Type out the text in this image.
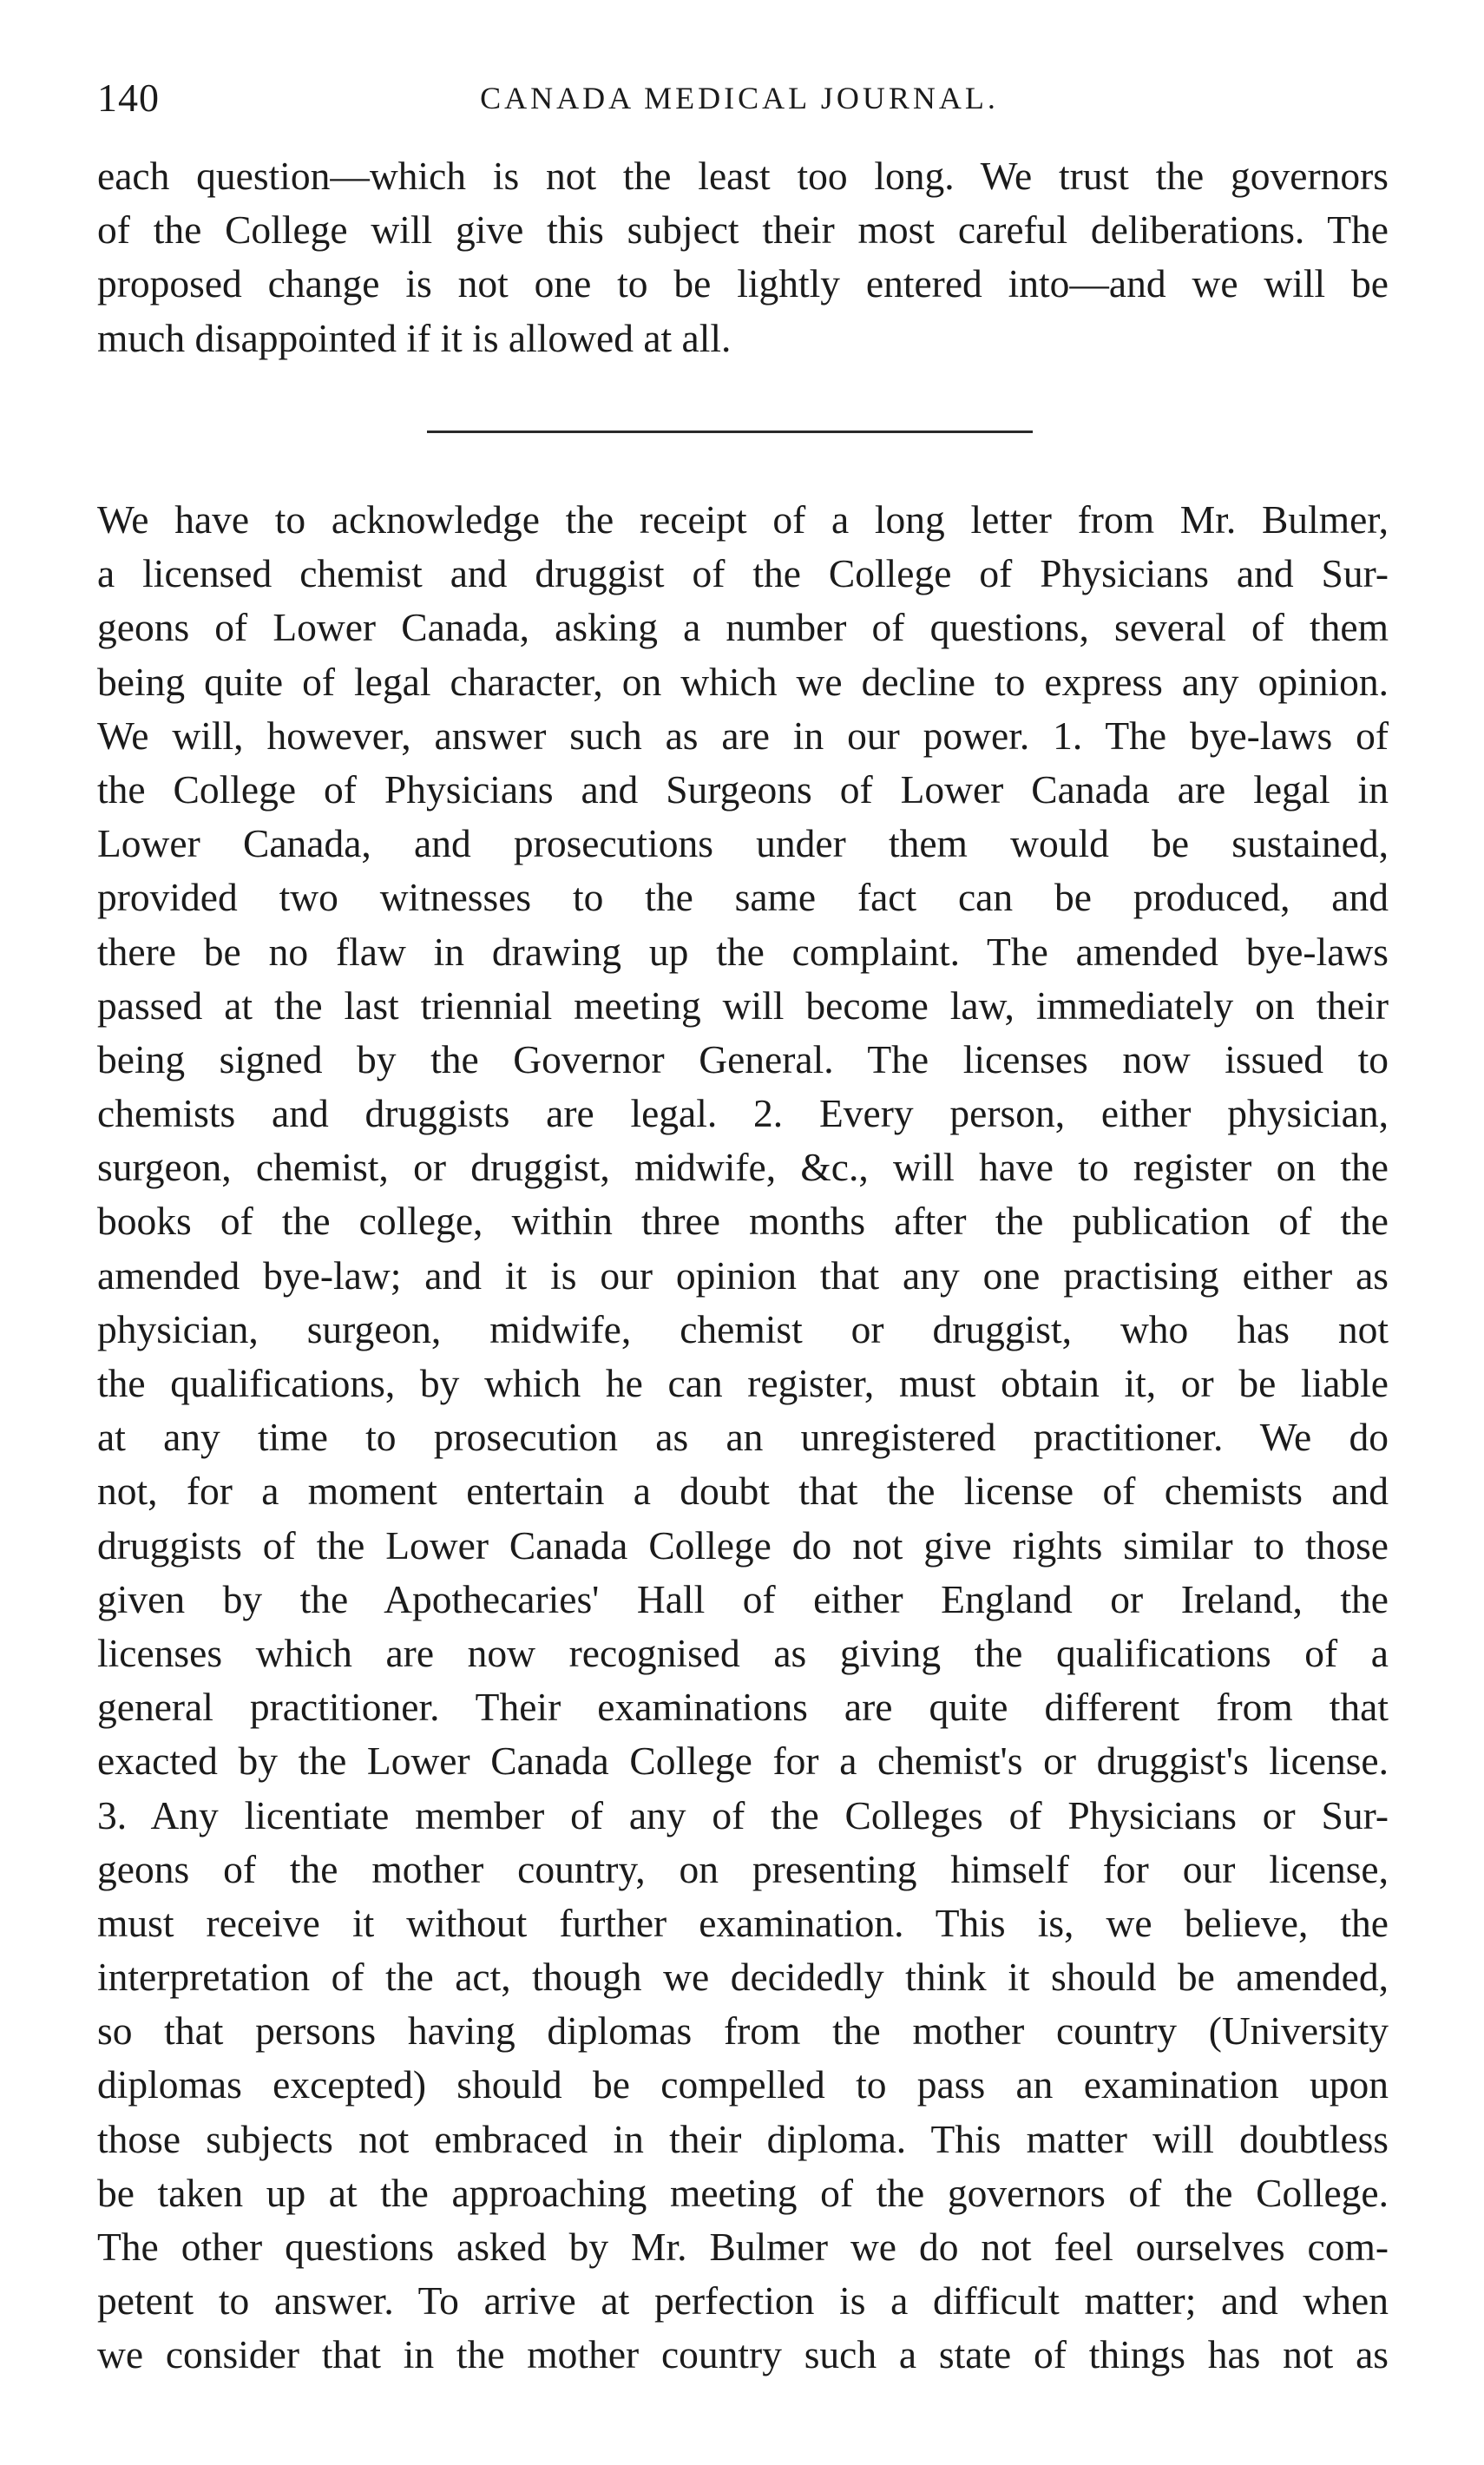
140	CANADA MEDICAL JOURNAL.
each question—which is not the least too long. We trust the governors
of the College will give this subject their most careful deliberations. The
proposed change is not one to be lightly entered into—and we will be
much disappointed if it is allowed at all.
We have to acknowledge the receipt of a long letter from Mr. Bulmer,
a licensed chemist and druggist of the College of Physicians and Sur-
geons of Lower Canada, asking a number of questions, several of them
being quite of legal character, on which we decline to express any opinion.
We will, however, answer such as are in our power. 1. The bye-laws of
the College of Physicians and Surgeons of Lower Canada are legal in
Lower Canada, and prosecutions under them would be sustained,
provided two witnesses to the same fact can be produced, and
there be no flaw in drawing up the complaint. The amended bye-laws
passed at the last triennial meeting will become law, immediately on their
being signed by the Governor General. The licenses now issued to
chemists and druggists are legal. 2. Every person, either physician,
surgeon, chemist, or druggist, midwife, &c., will have to register on the
books of the college, within three months after the publication of the
amended bye-law; and it is our opinion that any one practising either as
physician, surgeon, midwife, chemist or druggist, who has not
the qualifications, by which he can register, must obtain it, or be liable
at any time to prosecution as an unregistered practitioner. We do
not, for a moment entertain a doubt that the license of chemists and
druggists of the Lower Canada College do not give rights similar to those
given by the Apothecaries' Hall of either England or Ireland, the
licenses which are now recognised as giving the qualifications of a
general practitioner. Their examinations are quite different from that
exacted by the Lower Canada College for a chemist's or druggist's license.
3. Any licentiate member of any of the Colleges of Physicians or Sur-
geons of the mother country, on presenting himself for our license,
must receive it without further examination. This is, we believe, the
interpretation of the act, though we decidedly think it should be amended,
so that persons having diplomas from the mother country (University
diplomas excepted) should be compelled to pass an examination upon
those subjects not embraced in their diploma. This matter will doubtless
be taken up at the approaching meeting of the governors of the College.
The other questions asked by Mr. Bulmer we do not feel ourselves com-
petent to answer. To arrive at perfection is a difficult matter; and when
we consider that in the mother country such a state of things has not as
